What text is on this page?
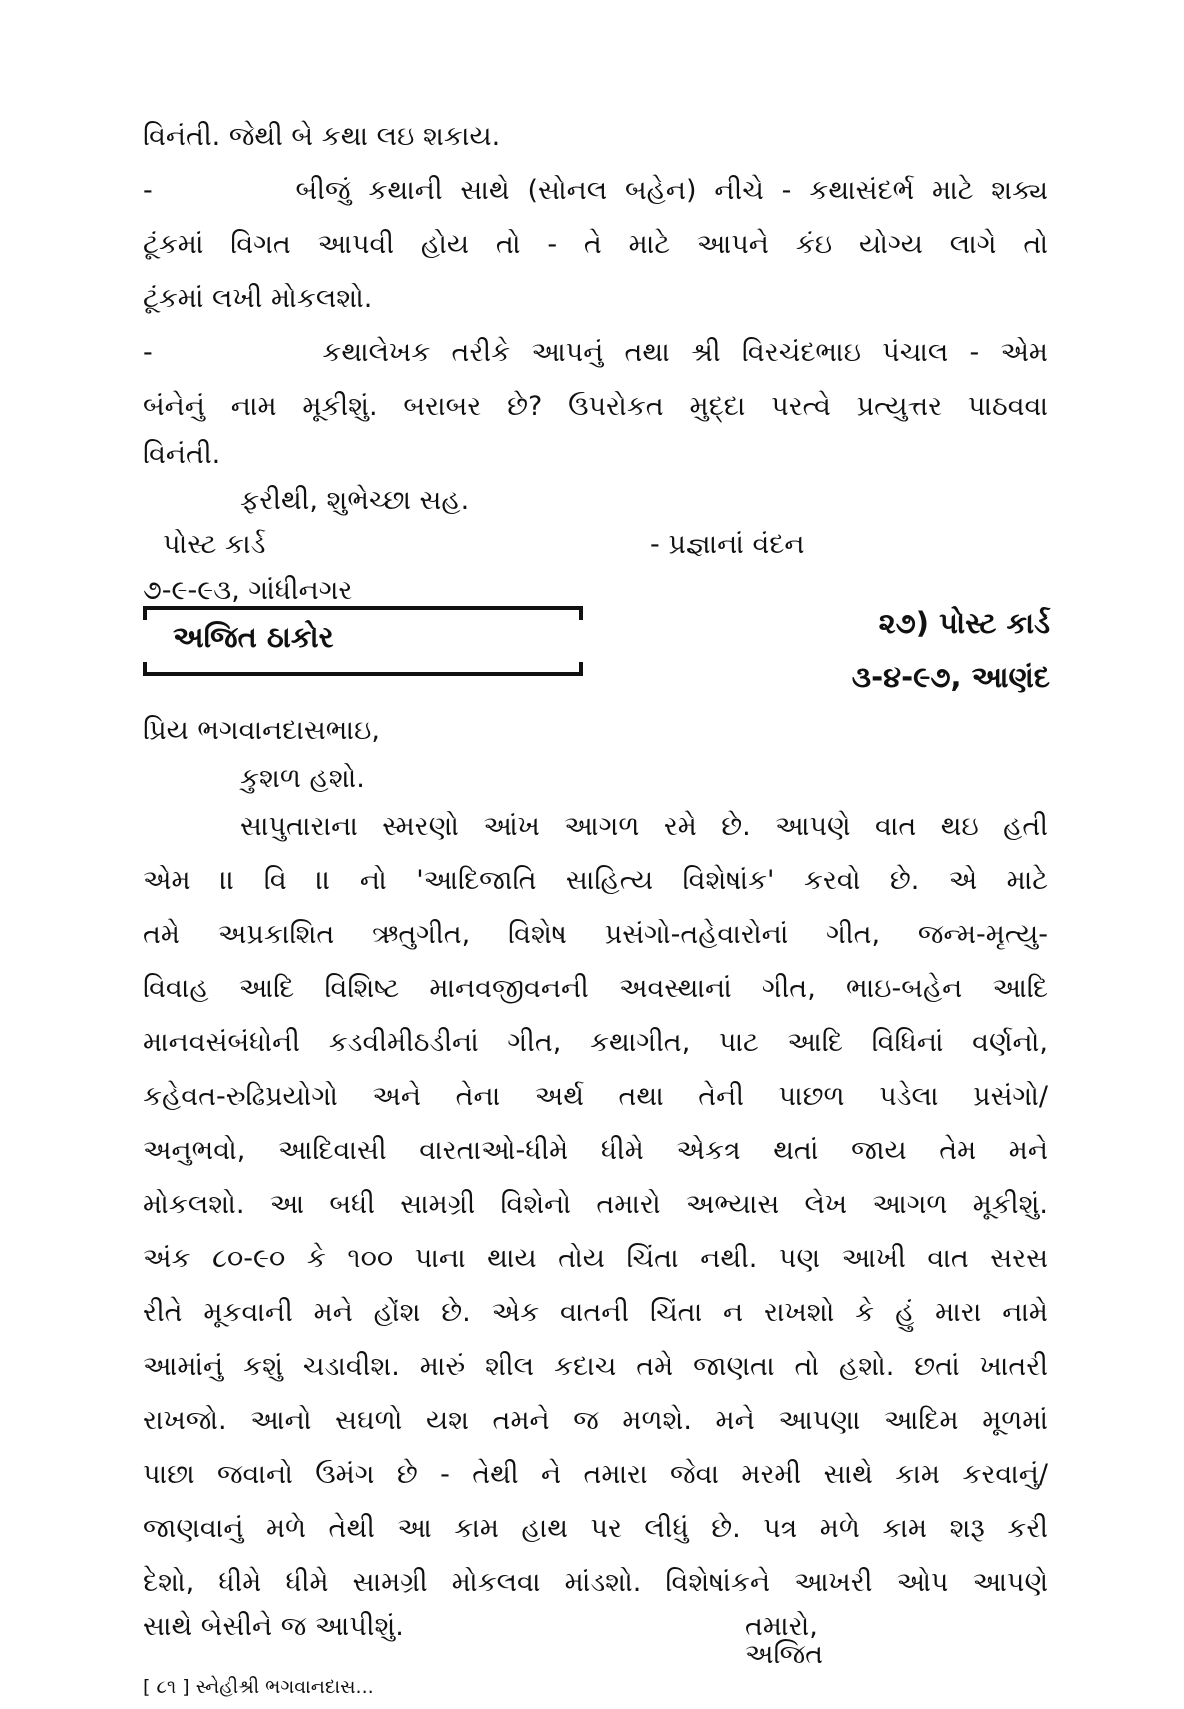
વિનંતી. જેથી બે કથા લઇ શકાય.
-        બીજું કથાની સાથે (સોનલ બહેન) નીચે - કથાસંદર્ભ માટે શક્ય
ટૂંકમાં વિગત આપવી હોય તો - તે માટે આપને કંઇ યોગ્ય લાગે તો
ટૂંકમાં લખી મોકલશો.
-        કથાલેખક તરીકે આપનું તથા શ્રી વિરચંદભાઇ પંચાલ - એમ
બંનેનું નામ મૂકીશું. બરાબર છે? ઉપરોકત મુદ્દા પરત્વે પ્રત્યુત્તર પાઠવવા
વિનંતી.
ફરીથી, શુભેચ્છા સહ.
પોસ્ટ કાર્ડ	- પ્રજ્ઞાનાં વંદન
૭-૯-૯૩, ગાંધીનગર
અજિત ઠાકોર	૨૭) પોસ્ટ કાર્ડ
૩-૪-૯૭, આણંદ
પ્રિય ભગવાનદાસભાઇ,
કુશળ હશો.
સાપુતારાના સ્મરણો આંખ આગળ રમે છે. આપણે વાત થઇ હતી
એમ ।। વિ ।। નો 'આદિજાતિ સાહિત્ય વિશેષાંક' કરવો છે. એ માટે
તમે અપ્રકાશિત ઋતુગીત, વિશેષ પ્રસંગો-તહેવારોનાં ગીત, જન્મ-મૃત્યુ-
વિવાહ આદિ વિશિષ્ટ માનવજીવનની અવસ્થાનાં ગીત, ભાઇ-બહેન આદિ
માનવસંબંધોની કડવીમીઠડીનાં ગીત, કથાગીત, પાટ આદિ વિધિનાં વર્ણનો,
કહેવત-રુઢિપ્રયોગો અને તેના અર્થ તથા તેની પાછળ પડેલા પ્રસંગો/
અનુભવો, આદિવાસી વારતાઓ-ધીમે ધીમે એકત્ર થતાં જાય તેમ મને
મોકલશો. આ બધી સામગ્રી વિશેનો તમારો અભ્યાસ લેખ આગળ મૂકીશું.
અંક ૮૦-૯૦ કે ૧૦૦ પાના થાય તોય ચિંતા નથી. પણ આખી વાત સરસ
રીતે મૂકવાની મને હોંશ છે. એક વાતની ચિંતા ન રાખશો કે હું મારા નામે
આમાંનું કશું ચડાવીશ. મારું શીલ કદાચ તમે જાણતા તો હશો. છતાં ખાતરી
રાખજો. આનો સઘળો યશ તમને જ મળશે. મને આપણા આદિમ મૂળમાં
પાછા જવાનો ઉમંગ છે - તેથી ને તમારા જેવા મરમી સાથે કામ કરવાનું/
જાણવાનું મળે તેથી આ કામ હાથ પર લીધું છે. પત્ર મળે કામ શરૂ કરી
દેશો, ધીમે ધીમે સામગ્રી મોકલવા માંડશો. વિશેષાંકને આખરી ઓપ આપણે
સાથે બેસીને જ આપીશું.	તમારો,
અજિત
[ ૮૧ ] સ્નેહીશ્રી ભગવાનદાસ...
